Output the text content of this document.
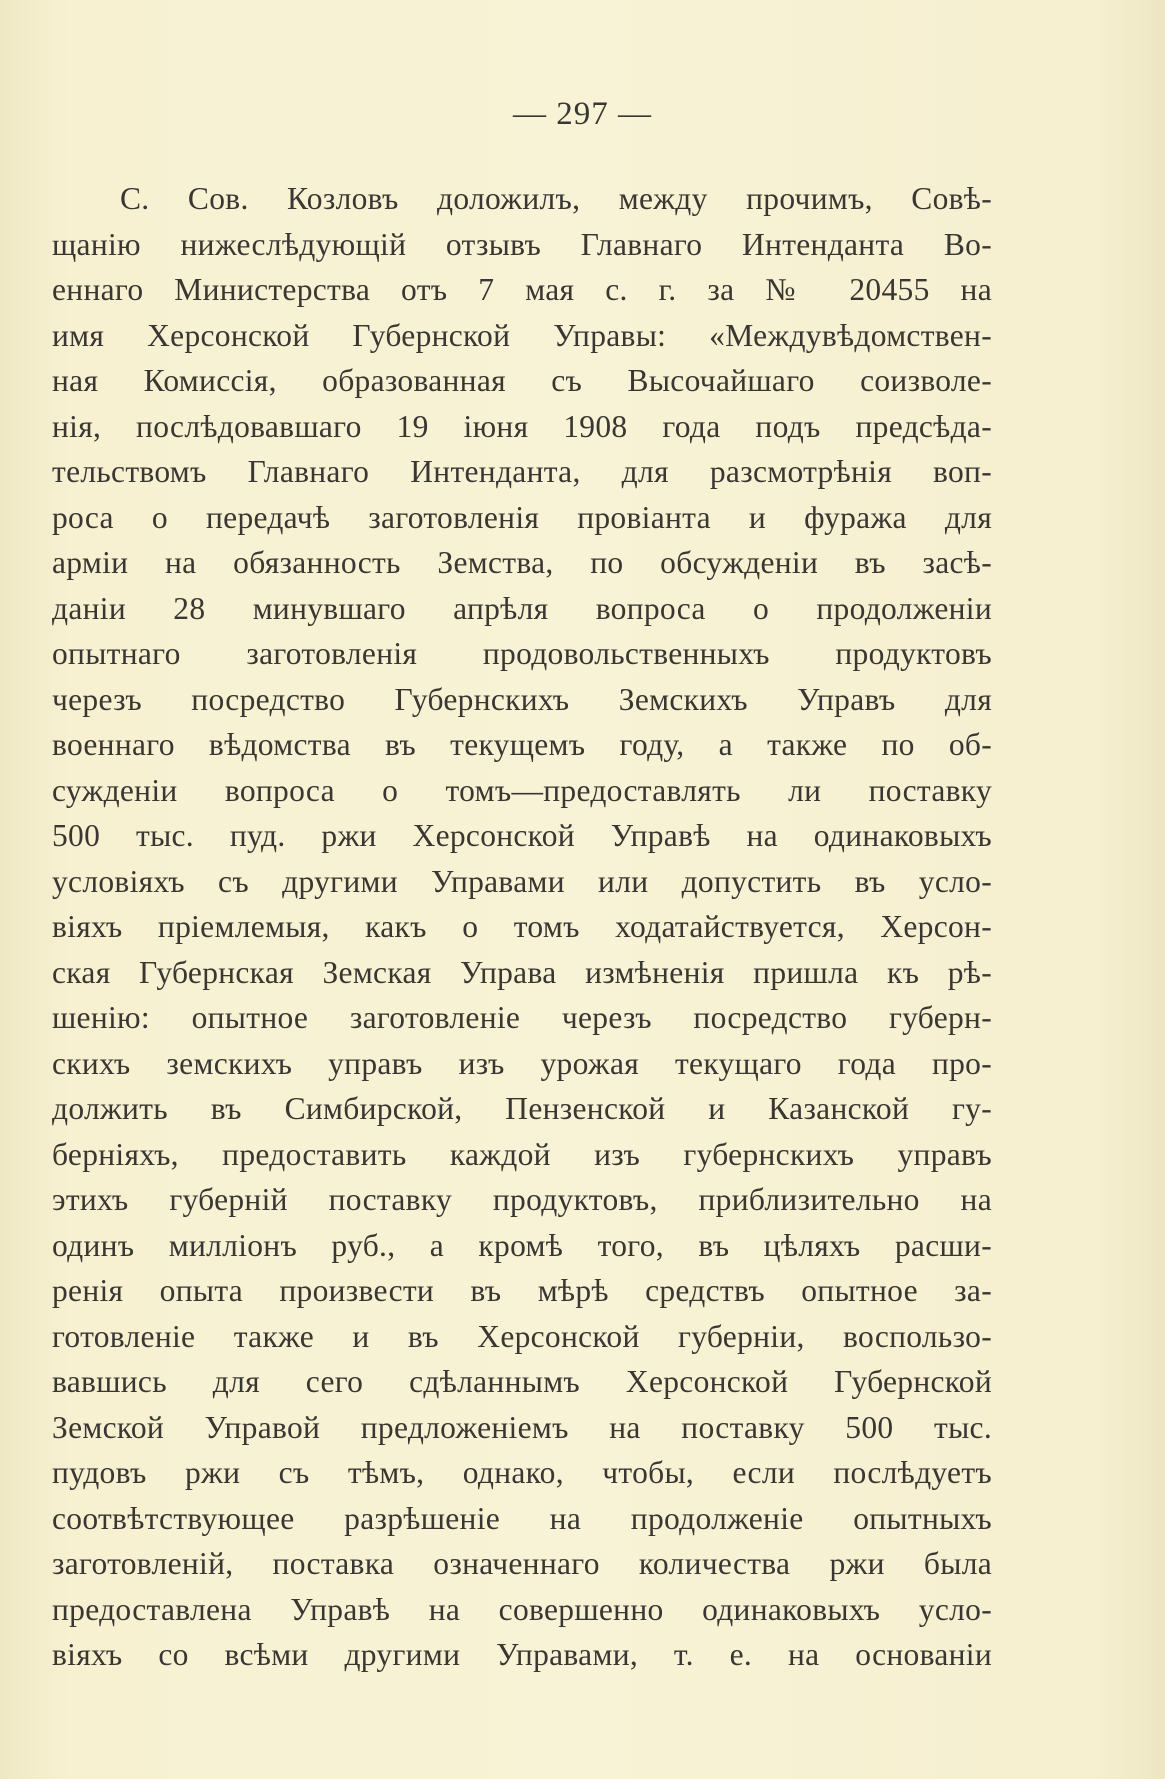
— 297 —
С. Сов. Козловъ доложилъ, между прочимъ, Совѣ-
щанію нижеслѣдующій отзывъ Главнаго Интенданта Во-
еннаго Министерства отъ 7 мая с. г. за № 20455 на
имя Херсонской Губернской Управы: «Междувѣдомствен-
ная Комиссія, образованная съ Высочайшаго соизволе-
нія, послѣдовавшаго 19 іюня 1908 года подъ предсѣда-
тельствомъ Главнаго Интенданта, для разсмотрѣнія воп-
роса о передачѣ заготовленія провіанта и фуража для
арміи на обязанность Земства, по обсужденіи въ засѣ-
даніи 28 минувшаго апрѣля вопроса о продолженіи
опытнаго заготовленія продовольственныхъ продуктовъ
черезъ посредство Губернскихъ Земскихъ Управъ для
военнаго вѣдомства въ текущемъ году, а также по об-
сужденіи вопроса о томъ—предоставлять ли поставку
500 тыс. пуд. ржи Херсонской Управѣ на одинаковыхъ
условіяхъ съ другими Управами или допустить въ усло-
віяхъ пріемлемыя, какъ о томъ ходатайствуется, Херсон-
ская Губернская Земская Управа измѣненія пришла къ рѣ-
шенію: опытное заготовленіе черезъ посредство губерн-
скихъ земскихъ управъ изъ урожая текущаго года про-
должить въ Симбирской, Пензенской и Казанской гу-
берніяхъ, предоставить каждой изъ губернскихъ управъ
этихъ губерній поставку продуктовъ, приблизительно на
одинъ милліонъ руб., а кромѣ того, въ цѣляхъ расши-
ренія опыта произвести въ мѣрѣ средствъ опытное за-
готовленіе также и въ Херсонской губерніи, воспользо-
вавшись для сего сдѣланнымъ Херсонской Губернской
Земской Управой предложеніемъ на поставку 500 тыс.
пудовъ ржи съ тѣмъ, однако, чтобы, если послѣдуетъ
соотвѣтствующее разрѣшеніе на продолженіе опытныхъ
заготовленій, поставка означеннаго количества ржи была
предоставлена Управѣ на совершенно одинаковыхъ усло-
віяхъ со всѣми другими Управами, т. е. на основаніи
